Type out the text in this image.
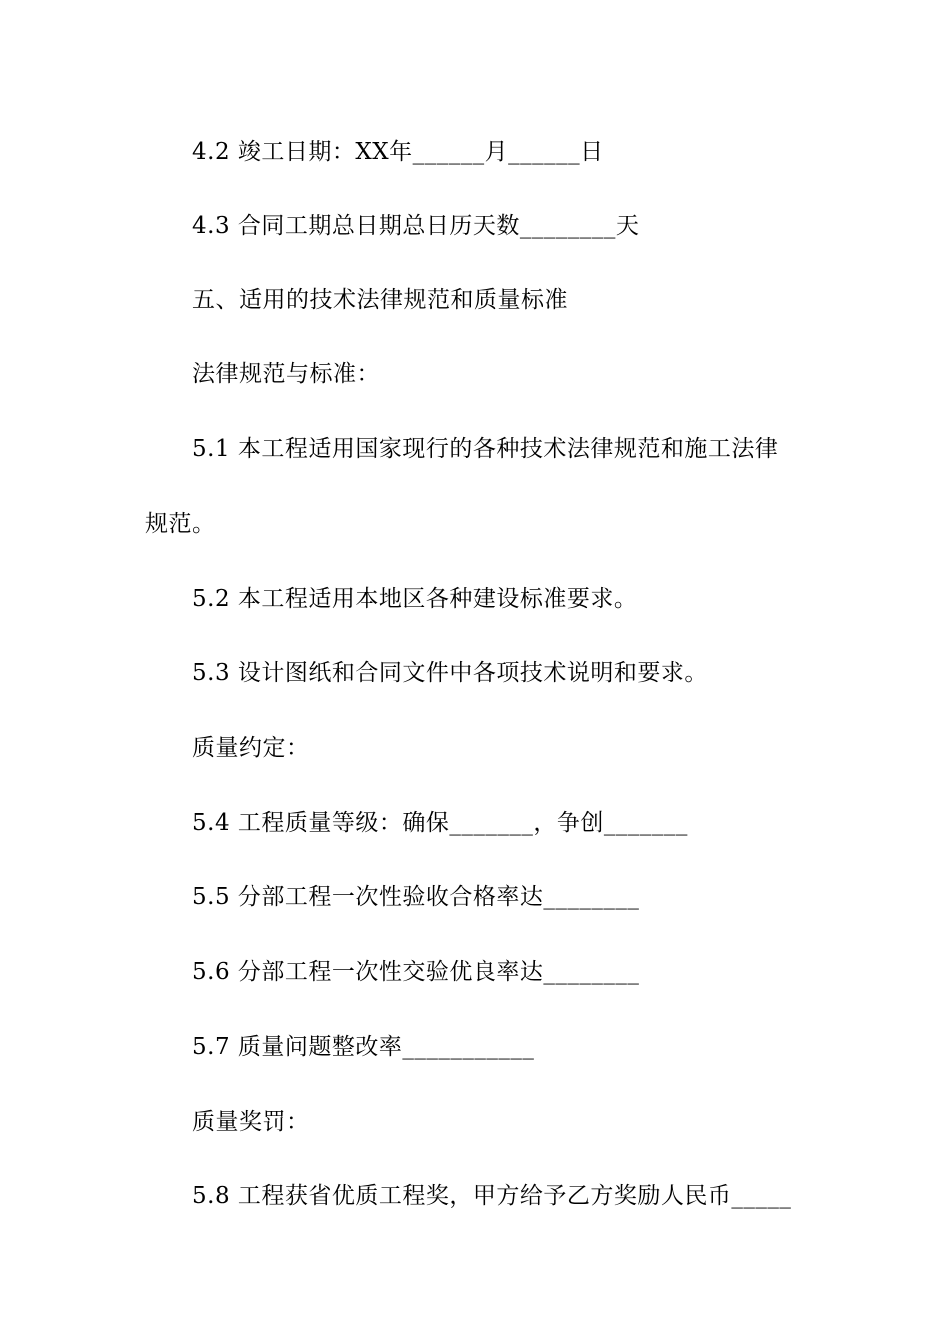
4.2 竣工日期：XX年______月______日
4.3 合同工期总日期总日历天数________天
五、适用的技术法律规范和质量标准
法律规范与标准：
5.1 本工程适用国家现行的各种技术法律规范和施工法律
规范。
5.2 本工程适用本地区各种建设标准要求。
5.3 设计图纸和合同文件中各项技术说明和要求。
质量约定：
5.4 工程质量等级：确保_______，争创_______
5.5 分部工程一次性验收合格率达________
5.6 分部工程一次性交验优良率达________
5.7 质量问题整改率___________
质量奖罚：
5.8 工程获省优质工程奖，甲方给予乙方奖励人民币_____
